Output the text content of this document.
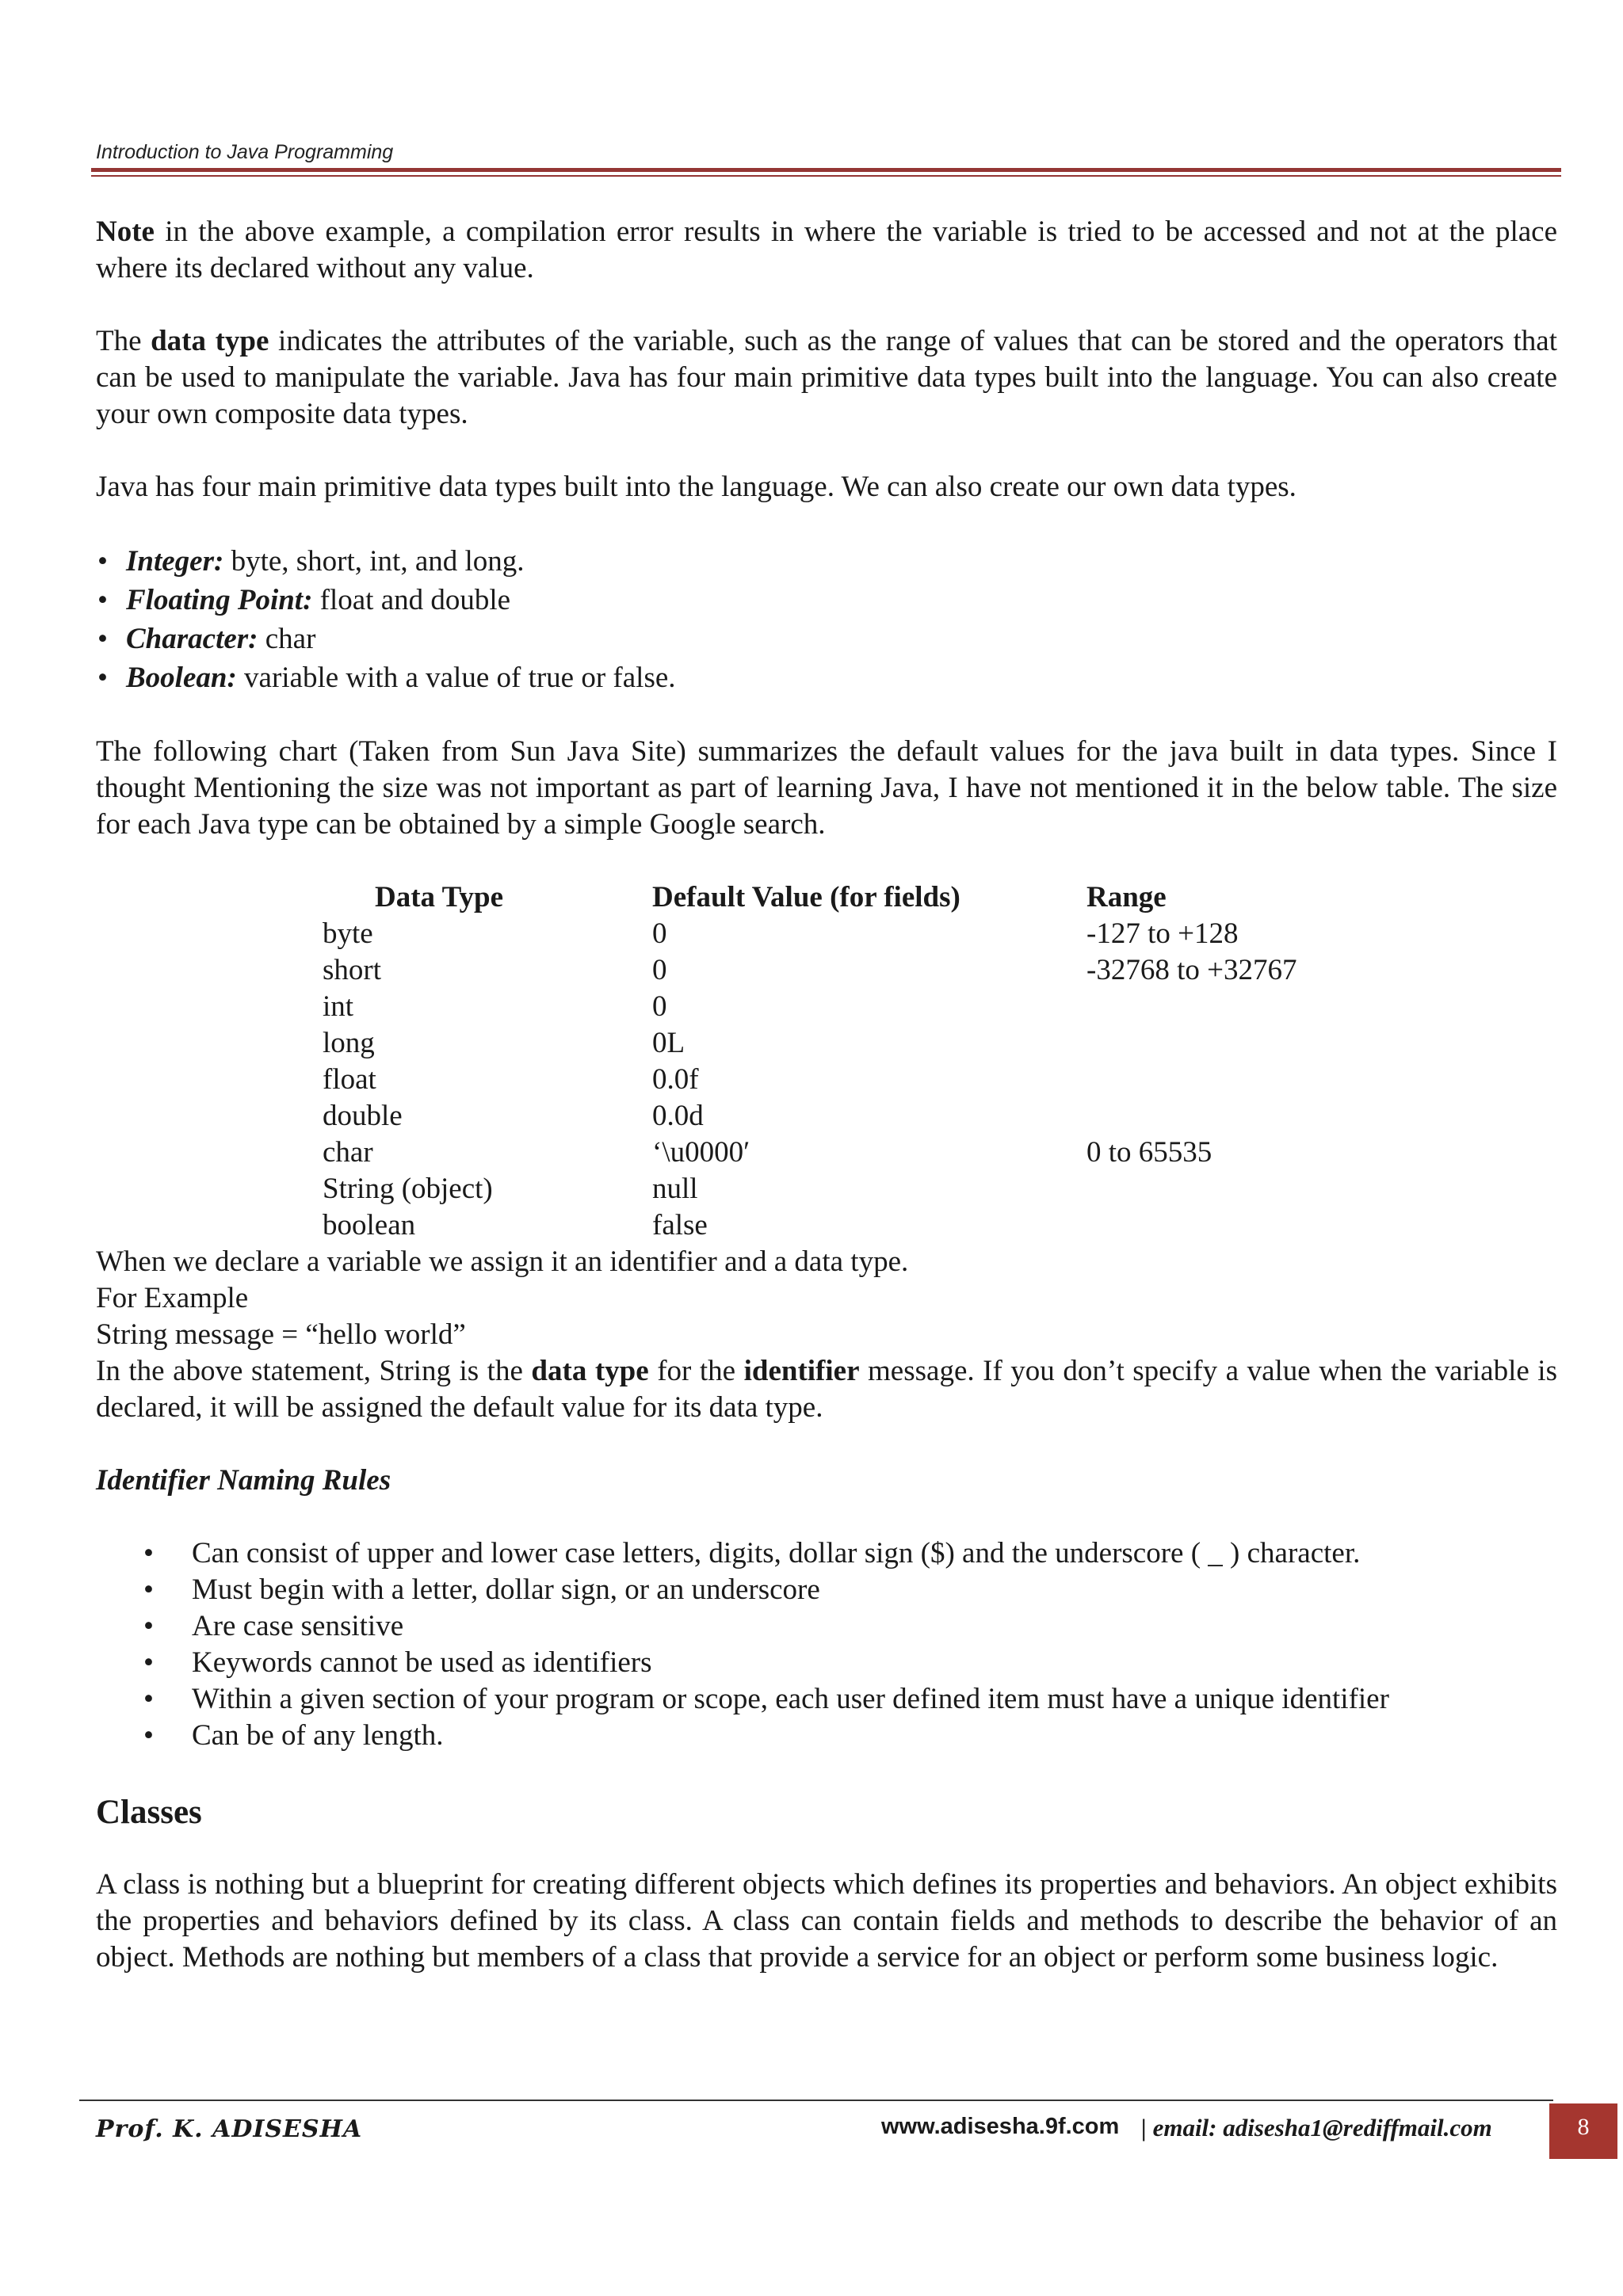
Introduction to Java Programming

Note in the above example, a compilation error results in where the variable is tried to be accessed and not at the place where its declared without any value.

The data type indicates the attributes of the variable, such as the range of values that can be stored and the operators that can be used to manipulate the variable. Java has four main primitive data types built into the language. You can also create your own composite data types.

Java has four main primitive data types built into the language. We can also create our own data types.

• Integer: byte, short, int, and long.
• Floating Point: float and double
• Character: char
• Boolean: variable with a value of true or false.

The following chart (Taken from Sun Java Site) summarizes the default values for the java built in data types. Since I thought Mentioning the size was not important as part of learning Java, I have not mentioned it in the below table. The size for each Java type can be obtained by a simple Google search.

Data Type	Default Value (for fields)	Range
byte	0	-127 to +128
short	0	-32768 to +32767
int	0	
long	0L	
float	0.0f	
double	0.0d	
char	‘\u0000′	0 to 65535
String (object)	null	
boolean	false	

When we declare a variable we assign it an identifier and a data type.

For Example

String message = “hello world”

In the above statement, String is the data type for the identifier message. If you don’t specify a value when the variable is declared, it will be assigned the default value for its data type.

Identifier Naming Rules
• Can consist of upper and lower case letters, digits, dollar sign ($) and the underscore ( _ ) character.
• Must begin with a letter, dollar sign, or an underscore
• Are case sensitive
• Keywords cannot be used as identifiers
• Within a given section of your program or scope, each user defined item must have a unique identifier
• Can be of any length.
Classes

A class is nothing but a blueprint for creating different objects which defines its properties and behaviors. An object exhibits the properties and behaviors defined by its class. A class can contain fields and methods to describe the behavior of an object. Methods are nothing but members of a class that provide a service for an object or perform some business logic.

Prof. K. ADISESHA	www.adisesha.9f.com | email: adisesha1@rediffmail.com	8
